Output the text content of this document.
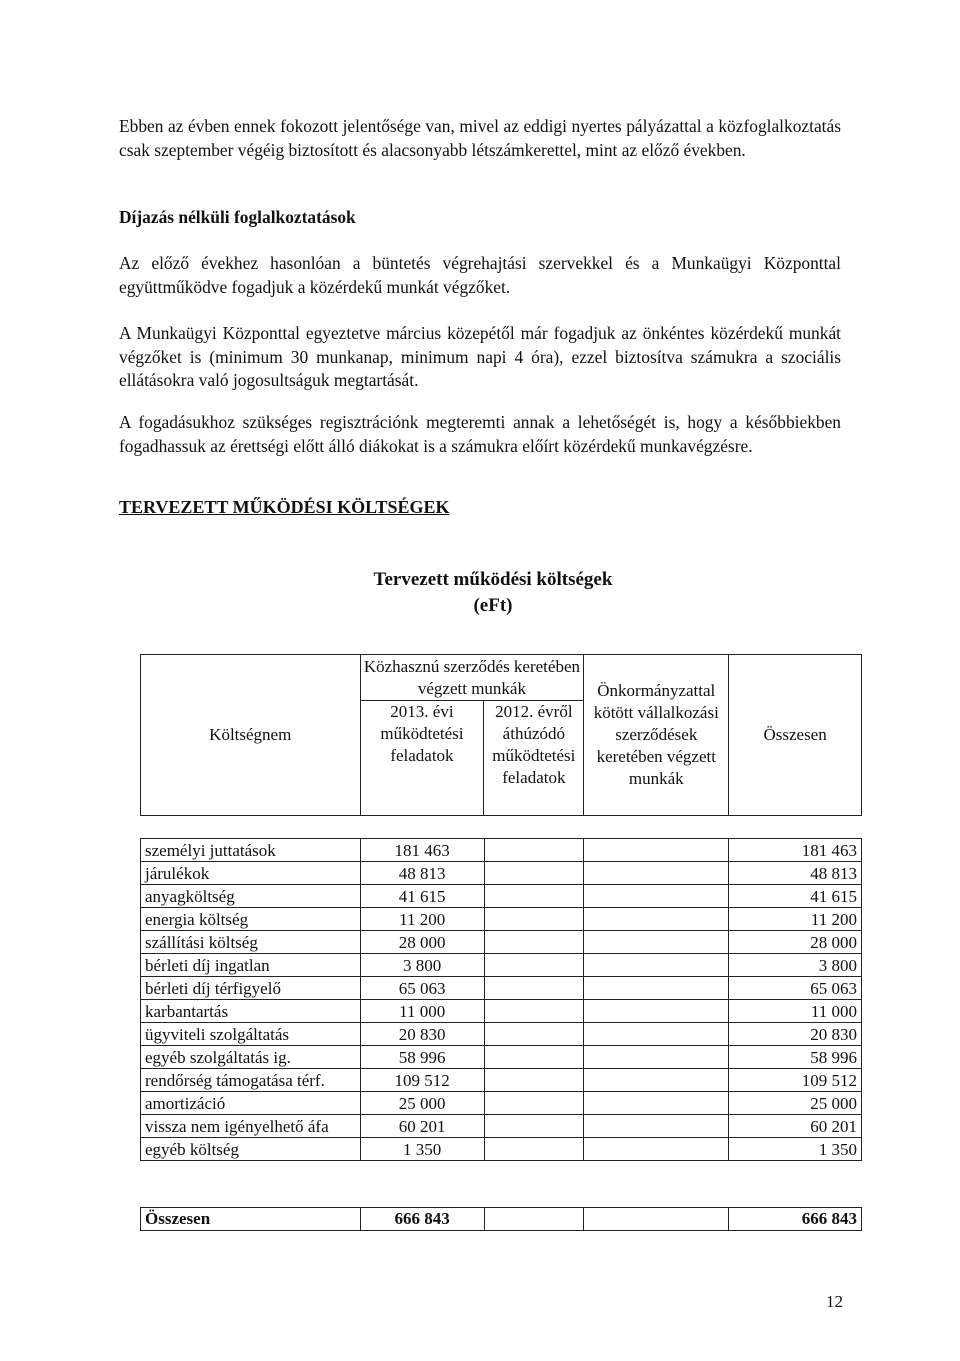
Ebben az évben ennek fokozott jelentősége van, mivel az eddigi nyertes pályázattal a közfoglalkoztatás csak szeptember végéig biztosított és alacsonyabb létszámkerettel, mint az előző években.

Díjazás nélküli foglalkoztatások

Az előző évekhez hasonlóan a büntetés végrehajtási szervekkel és a Munkaügyi Központtal együttműködve fogadjuk a közérdekű munkát végzőket.

A Munkaügyi Központtal egyeztetve március közepétől már fogadjuk az önkéntes közérdekű munkát végzőket is (minimum 30 munkanap, minimum napi 4 óra), ezzel biztosítva számukra a szociális ellátásokra való jogosultságuk megtartását.

A fogadásukhoz szükséges regisztrációnk megteremti annak a lehetőségét is, hogy a későbbiekben fogadhassuk az érettségi előtt álló diákokat is a számukra előírt közérdekű munkavégzésre.

TERVEZETT MŰKÖDÉSI KÖLTSÉGEK
Tervezett működési költségek
(eFt)
Költségnem	Közhasznú szerződés keretében végzett munkák		Önkormányzattal kötött vállalkozási szerződések keretében végzett munkák	Összesen
	2013. évi működtetési feladatok	2012. évről áthúzódó működtetési feladatok		
személyi juttatások	181 463			181 463
járulékok	48 813			48 813
anyagköltség	41 615			41 615
energia költség	11 200			11 200
szállítási költség	28 000			28 000
bérleti díj ingatlan	3 800			3 800
bérleti díj térfigyelő	65 063			65 063
karbantartás	11 000			11 000
ügyviteli szolgáltatás	20 830			20 830
egyéb szolgáltatás ig.	58 996			58 996
rendőrség támogatása térf.	109 512			109 512
amortizáció	25 000			25 000
vissza nem igényelhető áfa	60 201			60 201
egyéb költség	1 350			1 350
Összesen	666 843			666 843
12
